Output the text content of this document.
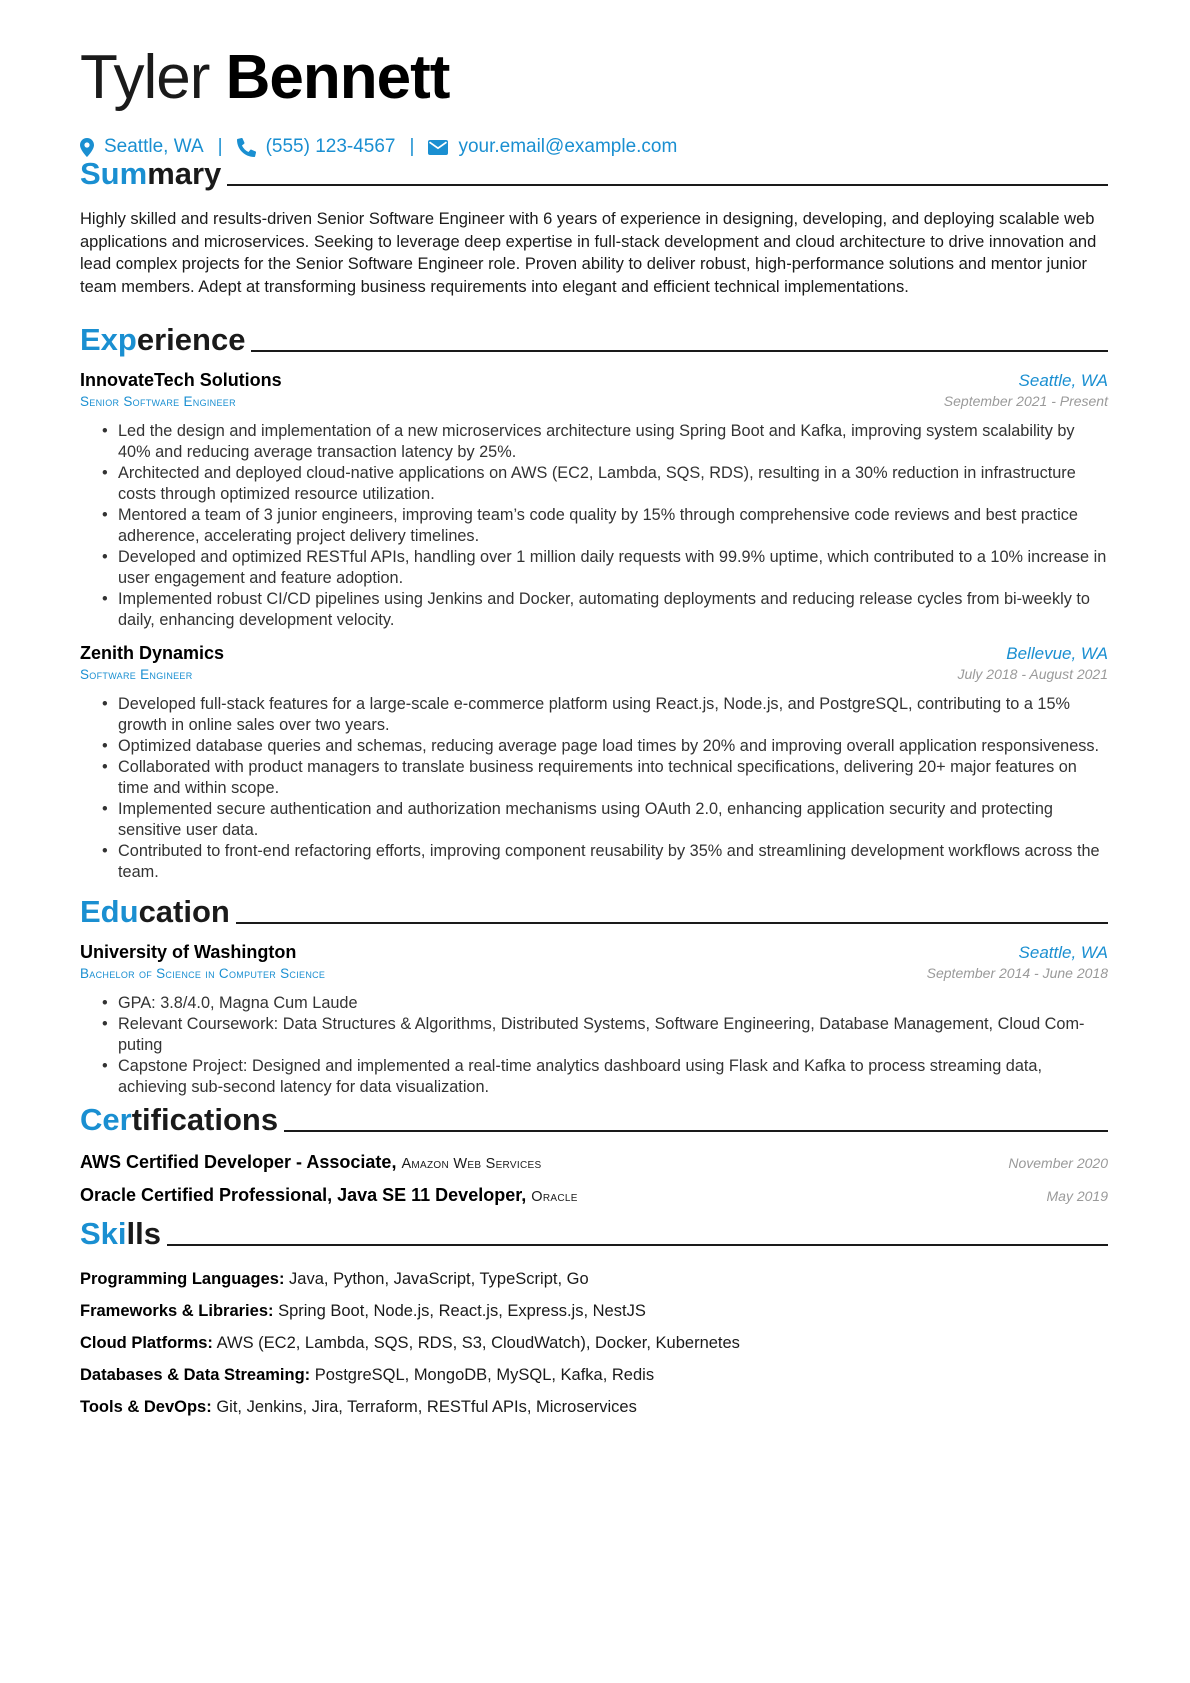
Tyler Bennett
Seattle, WA | (555) 123-4567 | your.email@example.com
Summary
Highly skilled and results-driven Senior Software Engineer with 6 years of experience in designing, developing, and deploying scalable web applications and microservices. Seeking to leverage deep expertise in full-stack development and cloud architecture to drive innovation and lead complex projects for the Senior Software Engineer role. Proven ability to deliver robust, high-performance solutions and mentor junior team members. Adept at transforming business requirements into elegant and efficient technical implementations.
Experience
InnovateTech Solutions	Seattle, WA
Senior Software Engineer	September 2021 - Present
• Led the design and implementation of a new microservices architecture using Spring Boot and Kafka, improving system scalability by 40% and reducing average transaction latency by 25%.
• Architected and deployed cloud-native applications on AWS (EC2, Lambda, SQS, RDS), resulting in a 30% reduction in infrastructure costs through optimized resource utilization.
• Mentored a team of 3 junior engineers, improving team’s code quality by 15% through comprehensive code reviews and best practice adherence, accelerating project delivery timelines.
• Developed and optimized RESTful APIs, handling over 1 million daily requests with 99.9% uptime, which contributed to a 10% increase in user engagement and feature adoption.
• Implemented robust CI/CD pipelines using Jenkins and Docker, automating deployments and reducing release cycles from bi-weekly to daily, enhancing development velocity.
Zenith Dynamics	Bellevue, WA
Software Engineer	July 2018 - August 2021
• Developed full-stack features for a large-scale e-commerce platform using React.js, Node.js, and PostgreSQL, contributing to a 15% growth in online sales over two years.
• Optimized database queries and schemas, reducing average page load times by 20% and improving overall application responsiveness.
• Collaborated with product managers to translate business requirements into technical specifications, delivering 20+ major features on time and within scope.
• Implemented secure authentication and authorization mechanisms using OAuth 2.0, enhancing application security and protecting sensitive user data.
• Contributed to front-end refactoring efforts, improving component reusability by 35% and streamlining development workflows across the team.
Education
University of Washington	Seattle, WA
Bachelor of Science in Computer Science	September 2014 - June 2018
• GPA: 3.8/4.0, Magna Cum Laude
• Relevant Coursework: Data Structures & Algorithms, Distributed Systems, Software Engineering, Database Management, Cloud Computing
• Capstone Project: Designed and implemented a real-time analytics dashboard using Flask and Kafka to process streaming data, achieving sub-second latency for data visualization.
Certifications
AWS Certified Developer - Associate, Amazon Web Services	November 2020
Oracle Certified Professional, Java SE 11 Developer, Oracle	May 2019
Skills
Programming Languages: Java, Python, JavaScript, TypeScript, Go
Frameworks & Libraries: Spring Boot, Node.js, React.js, Express.js, NestJS
Cloud Platforms: AWS (EC2, Lambda, SQS, RDS, S3, CloudWatch), Docker, Kubernetes
Databases & Data Streaming: PostgreSQL, MongoDB, MySQL, Kafka, Redis
Tools & DevOps: Git, Jenkins, Jira, Terraform, RESTful APIs, Microservices
